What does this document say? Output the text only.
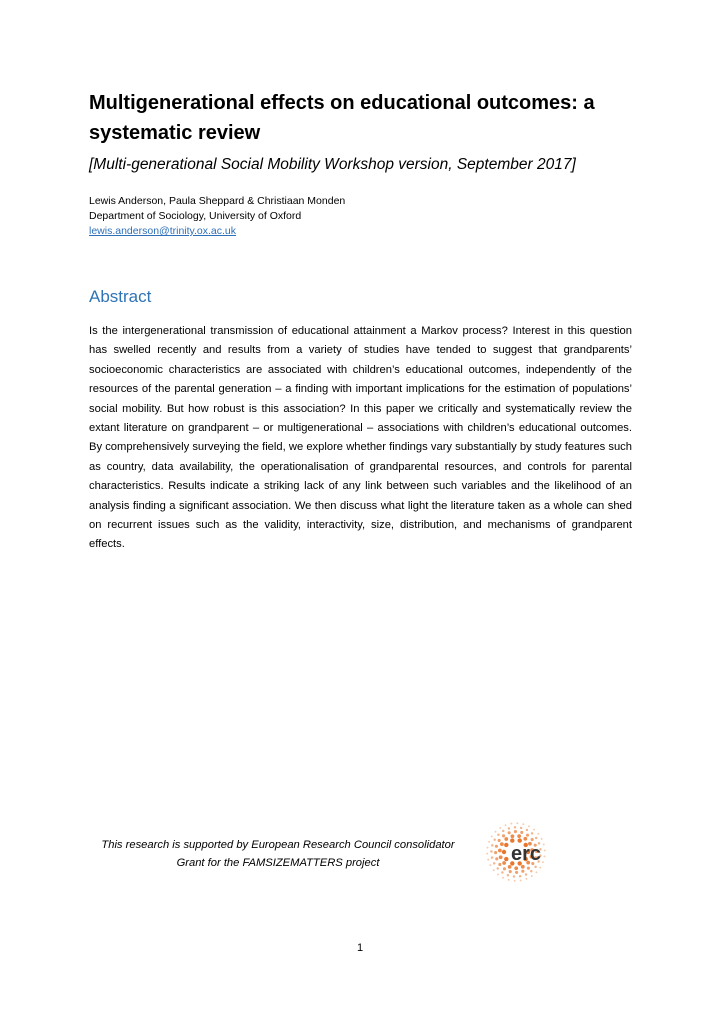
Multigenerational effects on educational outcomes: a systematic review

[Multi-generational Social Mobility Workshop version, September 2017]

Lewis Anderson, Paula Sheppard & Christiaan Monden
Department of Sociology, University of Oxford
lewis.anderson@trinity.ox.ac.uk
Abstract

Is the intergenerational transmission of educational attainment a Markov process? Interest in this question has swelled recently and results from a variety of studies have tended to suggest that grandparents’ socioeconomic characteristics are associated with children’s educational outcomes, independently of the resources of the parental generation – a finding with important implications for the estimation of populations’ social mobility. But how robust is this association? In this paper we critically and systematically review the extant literature on grandparent – or multigenerational – associations with children’s educational outcomes. By comprehensively surveying the field, we explore whether findings vary substantially by study features such as country, data availability, the operationalisation of grandparental resources, and controls for parental characteristics. Results indicate a striking lack of any link between such variables and the likelihood of an analysis finding a significant association. We then discuss what light the literature taken as a whole can shed on recurrent issues such as the validity, interactivity, size, distribution, and mechanisms of grandparent effects.

This research is supported by European Research Council consolidator
Grant for the FAMSIZEMATTERS project	erc
1
